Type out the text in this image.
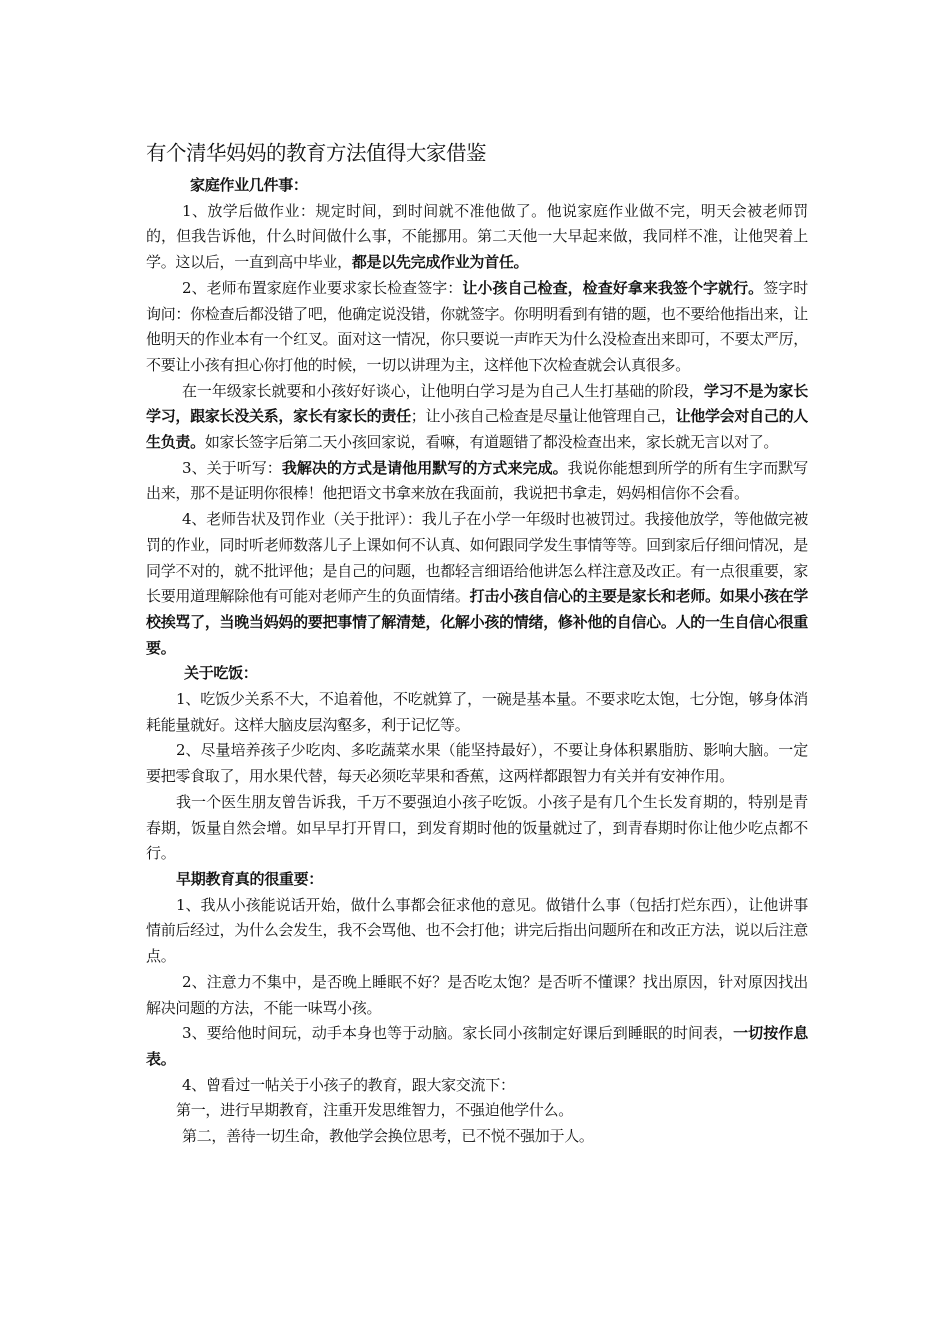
有个清华妈妈的教育方法值得大家借鉴

家庭作业几件事：

1、放学后做作业：规定时间，到时间就不准他做了。他说家庭作业做不完，明天会被老师罚的，但我告诉他，什么时间做什么事，不能挪用。第二天他一大早起来做，我同样不准，让他哭着上学。这以后，一直到高中毕业，都是以先完成作业为首任。

2、老师布置家庭作业要求家长检查签字：让小孩自己检查，检查好拿来我签个字就行。签字时询问：你检查后都没错了吧，他确定说没错，你就签字。你明明看到有错的题，也不要给他指出来，让他明天的作业本有一个红叉。面对这一情况，你只要说一声昨天为什么没检查出来即可，不要太严厉，不要让小孩有担心你打他的时候，一切以讲理为主，这样他下次检查就会认真很多。

在一年级家长就要和小孩好好谈心，让他明白学习是为自己人生打基础的阶段，学习不是为家长学习，跟家长没关系，家长有家长的责任；让小孩自己检查是尽量让他管理自己，让他学会对自己的人生负责。如家长签字后第二天小孩回家说，看嘛，有道题错了都没检查出来，家长就无言以对了。

3、关于听写：我解决的方式是请他用默写的方式来完成。我说你能想到所学的所有生字而默写出来，那不是证明你很棒！他把语文书拿来放在我面前，我说把书拿走，妈妈相信你不会看。

4、老师告状及罚作业（关于批评）：我儿子在小学一年级时也被罚过。我接他放学，等他做完被罚的作业，同时听老师数落儿子上课如何不认真、如何跟同学发生事情等等。回到家后仔细问情况，是同学不对的，就不批评他；是自己的问题，也都轻言细语给他讲怎么样注意及改正。有一点很重要，家长要用道理解除他有可能对老师产生的负面情绪。打击小孩自信心的主要是家长和老师。如果小孩在学校挨骂了，当晚当妈妈的要把事情了解清楚，化解小孩的情绪，修补他的自信心。人的一生自信心很重要。

关于吃饭：

1、吃饭少关系不大，不追着他，不吃就算了，一碗是基本量。不要求吃太饱，七分饱，够身体消耗能量就好。这样大脑皮层沟壑多，利于记忆等。

2、尽量培养孩子少吃肉、多吃蔬菜水果（能坚持最好），不要让身体积累脂肪、影响大脑。一定要把零食取了，用水果代替，每天必须吃苹果和香蕉，这两样都跟智力有关并有安神作用。

我一个医生朋友曾告诉我，千万不要强迫小孩子吃饭。小孩子是有几个生长发育期的，特别是青春期，饭量自然会增。如早早打开胃口，到发育期时他的饭量就过了，到青春期时你让他少吃点都不行。

早期教育真的很重要：

1、我从小孩能说话开始，做什么事都会征求他的意见。做错什么事（包括打烂东西），让他讲事情前后经过，为什么会发生，我不会骂他、也不会打他；讲完后指出问题所在和改正方法，说以后注意点。

2、注意力不集中，是否晚上睡眠不好？是否吃太饱？是否听不懂课？找出原因，针对原因找出解决问题的方法，不能一味骂小孩。

3、要给他时间玩，动手本身也等于动脑。家长同小孩制定好课后到睡眠的时间表，一切按作息表。

4、曾看过一帖关于小孩子的教育，跟大家交流下：

第一，进行早期教育，注重开发思维智力，不强迫他学什么。

第二，善待一切生命，教他学会换位思考，已不悦不强加于人。
